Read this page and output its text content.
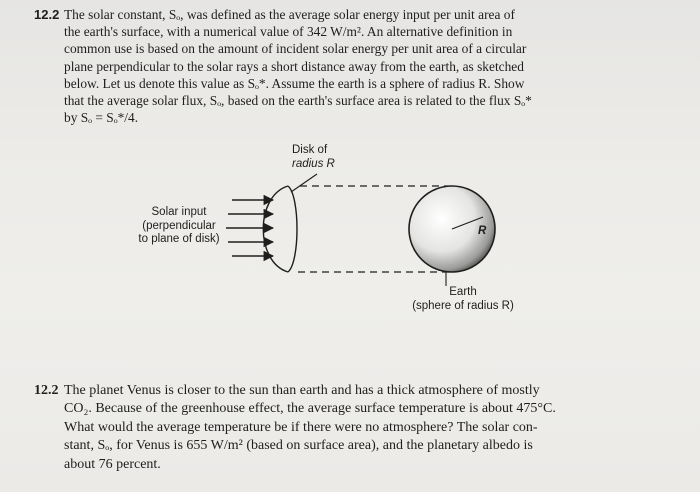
12.2 The solar constant, Sₒ, was defined as the average solar energy input per unit area of
the earth's surface, with a numerical value of 342 W/m². An alternative definition in
common use is based on the amount of incident solar energy per unit area of a circular
plane perpendicular to the solar rays a short distance away from the earth, as sketched
below. Let us denote this value as Sₒ*. Assume the earth is a sphere of radius R. Show
that the average solar flux, Sₒ, based on the earth's surface area is related to the flux Sₒ*
by Sₒ = Sₒ*/4.
Disk of
radius R
Solar input
(perpendicular
to plane of disk)
R
Earth
(sphere of radius R)
12.2 The planet Venus is closer to the sun than earth and has a thick atmosphere of mostly
CO₂. Because of the greenhouse effect, the average surface temperature is about 475°C.
What would the average temperature be if there were no atmosphere? The solar con-
stant, Sₒ, for Venus is 655 W/m² (based on surface area), and the planetary albedo is
about 76 percent.
